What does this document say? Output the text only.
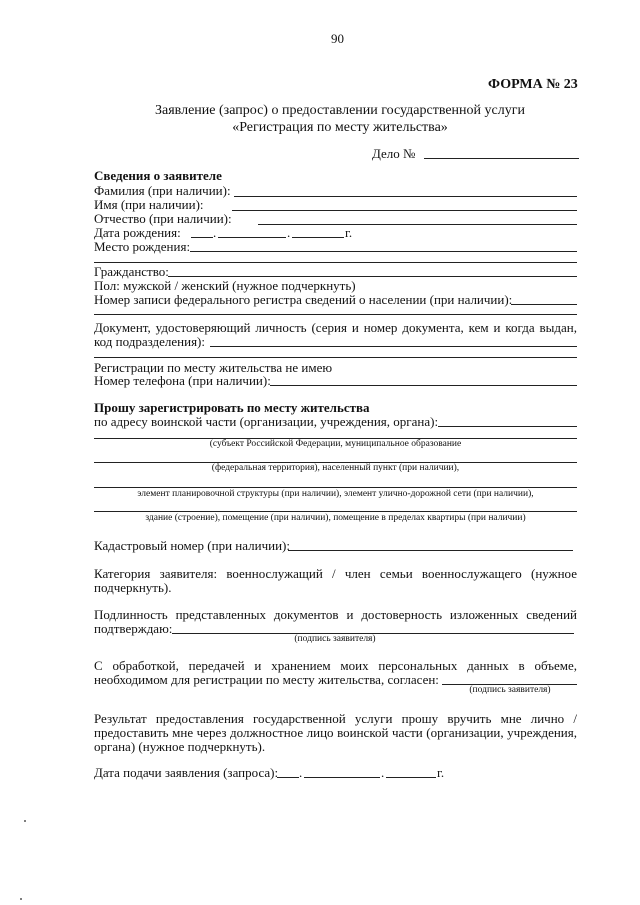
90
ФОРМА № 23
Заявление (запрос) о предоставлении государственной услуги
«Регистрация по месту жительства»
Дело №
Сведения о заявителе
Фамилия (при наличии):
Имя (при наличии):
Отчество (при наличии):
Дата рождения: .	.	г.
Место рождения:
Гражданство:
Пол: мужской / женский (нужное подчеркнуть)
Номер записи федерального регистра сведений о населении (при наличии):
Документ, удостоверяющий личность (серия и номер документа, кем и когда выдан,
код подразделения):
Регистрации по месту жительства не имею
Номер телефона (при наличии):
Прошу зарегистрировать по месту жительства
по адресу воинской части (организации, учреждения, органа):
(субъект Российской Федерации, муниципальное образование
(федеральная территория), населенный пункт (при наличии),
элемент планировочной структуры (при наличии), элемент улично-дорожной сети (при наличии),
здание (строение), помещение (при наличии), помещение в пределах квартиры (при наличии)
Кадастровый номер (при наличии):
Категория заявителя: военнослужащий / член семьи военнослужащего (нужное
подчеркнуть).
Подлинность представленных документов и достоверность изложенных сведений
подтверждаю:
(подпись заявителя)
С обработкой, передачей и хранением моих персональных данных в объеме,
необходимом для регистрации по месту жительства, согласен:
(подпись заявителя)
Результат предоставления государственной услуги прошу вручить мне лично /
предоставить мне через должностное лицо воинской части (организации, учреждения,
органа) (нужное подчеркнуть).
Дата подачи заявления (запроса): .	.	г.
